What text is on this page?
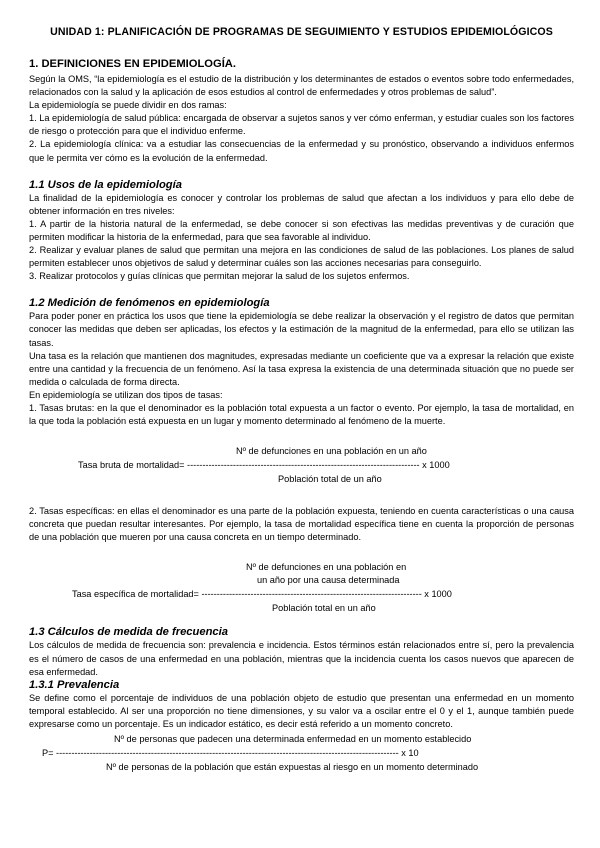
UNIDAD 1: PLANIFICACIÓN DE PROGRAMAS DE SEGUIMIENTO Y ESTUDIOS EPIDEMIOLÓGICOS

1. DEFINICIONES EN EPIDEMIOLOGÍA.

Según la OMS, “la epidemiología es el estudio de la distribución y los determinantes de estados o eventos sobre todo enfermedades, relacionados con la salud y la aplicación de esos estudios al control de enfermedades y otros problemas de salud”.

La epidemiología se puede dividir en dos ramas:

1. La epidemiología de salud pública: encargada de observar a sujetos sanos y ver cómo enferman, y estudiar cuales son los factores de riesgo o protección para que el individuo enferme.

2. La epidemiología clínica: va a estudiar las consecuencias de la enfermedad y su pronóstico, observando a individuos enfermos que le permita ver cómo es la evolución de la enfermedad.

1.1 Usos de la epidemiología

La finalidad de la epidemiología es conocer y controlar los problemas de salud que afectan a los individuos y para ello debe de obtener información en tres niveles:

1. A partir de la historia natural de la enfermedad, se debe conocer si son efectivas las medidas preventivas y de curación que permiten modificar la historia de la enfermedad, para que sea favorable al individuo.

2. Realizar y evaluar planes de salud que permitan una mejora en las condiciones de salud de las poblaciones. Los planes de salud permiten establecer unos objetivos de salud y determinar cuáles son las acciones necesarias para conseguirlo.

3. Realizar protocolos y guías clínicas que permitan mejorar la salud de los sujetos enfermos.

1.2 Medición de fenómenos en epidemiología

Para poder poner en práctica los usos que tiene la epidemiología se debe realizar la observación y el registro de datos que permitan conocer las medidas que deben ser aplicadas, los efectos y la estimación de la magnitud de la enfermedad, para ello se utilizan las tasas.

Una tasa es la relación que mantienen dos magnitudes, expresadas mediante un coeficiente que va a expresar la relación que existe entre una cantidad y la frecuencia de un fenómeno. Así la tasa expresa la existencia de una determinada situación que no puede ser medida o calculada de forma directa.

En epidemiología se utilizan dos tipos de tasas:

1. Tasas brutas: en la que el denominador es la población total expuesta a un factor o evento. Por ejemplo, la tasa de mortalidad, en la que toda la población está expuesta en un lugar y momento determinado al fenómeno de la muerte.

Nº de defunciones en una población en un año
Tasa bruta de mortalidad= ---------------------------------------------------------------------------- x 1000
Población total de un año

2. Tasas específicas: en ellas el denominador es una parte de la población expuesta, teniendo en cuenta características o una causa concreta que puedan resultar interesantes. Por ejemplo, la tasa de mortalidad específica tiene en cuenta la proporción de personas de una población que mueren por una causa concreta en un tiempo determinado.

Nº de defunciones en una población en
un año por una causa determinada
Tasa específica de mortalidad= ------------------------------------------------------------------------ x 1000
Población total en un año
1.3 Cálculos de medida de frecuencia

Los cálculos de medida de frecuencia son: prevalencia e incidencia. Estos términos están relacionados entre sí, pero la prevalencia es el número de casos de una enfermedad en una población, mientras que la incidencia cuenta los casos nuevos que aparecen de esa enfermedad.

1.3.1 Prevalencia

Se define como el porcentaje de individuos de una población objeto de estudio que presentan una enfermedad en un momento temporal establecido. Al ser una proporción no tiene dimensiones, y su valor va a oscilar entre el 0 y el 1, aunque también puede expresarse como un porcentaje. Es un indicador estático, es decir está referido a un momento concreto.

Nº de personas que padecen una determinada enfermedad en un momento establecido
P= ---------------------------------------------------------------------------------------------------------------- x 10
Nº de personas de la población que están expuestas al riesgo en un momento determinado
